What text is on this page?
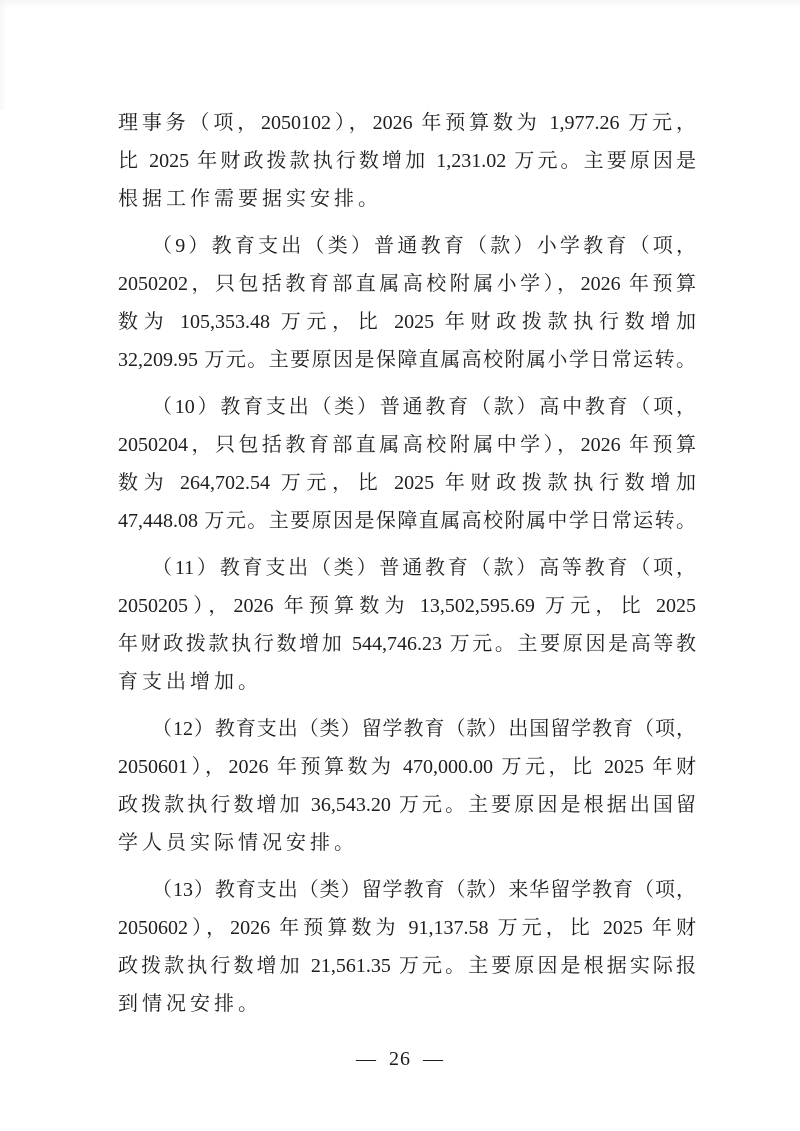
理事务（项，2050102），2026 年预算数为 1,977.26 万元，
比 2025 年财政拨款执行数增加 1,231.02 万元。主要原因是
根据工作需要据实安排。
（9）教育支出（类）普通教育（款）小学教育（项，
2050202，只包括教育部直属高校附属小学），2026 年预算
数为 105,353.48 万元，比 2025 年财政拨款执行数增加
32,209.95 万元。主要原因是保障直属高校附属小学日常运转。
（10）教育支出（类）普通教育（款）高中教育（项，
2050204，只包括教育部直属高校附属中学），2026 年预算
数为 264,702.54 万元，比 2025 年财政拨款执行数增加
47,448.08 万元。主要原因是保障直属高校附属中学日常运转。
（11）教育支出（类）普通教育（款）高等教育（项，
2050205），2026 年预算数为 13,502,595.69 万元，比 2025
年财政拨款执行数增加 544,746.23 万元。主要原因是高等教
育支出增加。
（12）教育支出（类）留学教育（款）出国留学教育（项，
2050601），2026 年预算数为 470,000.00 万元，比 2025 年财
政拨款执行数增加 36,543.20 万元。主要原因是根据出国留
学人员实际情况安排。
（13）教育支出（类）留学教育（款）来华留学教育（项，
2050602），2026 年预算数为 91,137.58 万元，比 2025 年财
政拨款执行数增加 21,561.35 万元。主要原因是根据实际报
到情况安排。
— 26 —
